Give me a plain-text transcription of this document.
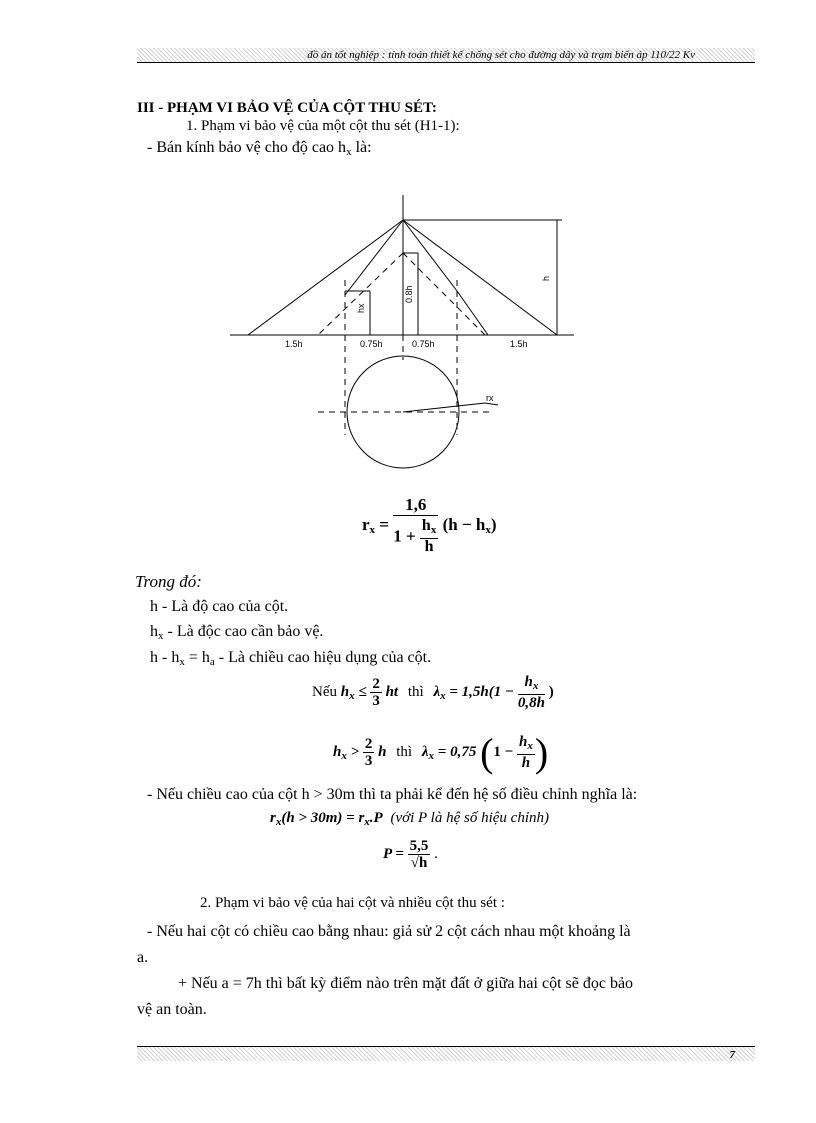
đồ án tốt nghiệp : tính toán thiết kế chống sét cho đường dây và trạm biến áp 110/22 Kv
III - PHẠM VI BẢO VỆ CỦA CỘT THU SÉT:
1. Phạm vi bảo vệ của một cột thu sét (H1-1):
- Bán kính bảo vệ cho độ cao $h_x$ là:
1.5h	0.75h	0.75h	1.5h
h
0.8h
hx
rx
$r_x = \frac{1,6}{1 + \frac{h_x}{h}} (h - h_x)$
Trong đó:
h - Là độ cao của cột.
$h_x$ - Là độc cao cần bảo vệ.
$h - h_x = h_a$ - Là chiều cao hiệu dụng của cột.
Nếu $h_x \le \frac{2}{3}$ ht thì $\lambda_x = 1,5h(1 - \frac{h_x}{0,8h}$ )
$h_x > \frac{2}{3}$ h thì $\lambda_x = 0,75$ ($1 - \frac{h_x}{h}$ )
- Nếu chiều cao của cột h > 30m thì ta phải kể đến hệ số điều chỉnh nghĩa là:
$r_x(h > 30m) = r_x.P$ (với P là hệ số hiệu chỉnh)
$P = \frac{5,5}{√h}$ .
2. Phạm vi bảo vệ của hai cột và nhiều cột thu sét :
- Nếu hai cột có chiều cao bằng nhau: giả sử 2 cột cách nhau một khoảng là
a.
+ Nếu a = 7h thì bất kỳ điểm nào trên mặt đất ở giữa hai cột sẽ đọc bảo
vệ an toàn.
7
